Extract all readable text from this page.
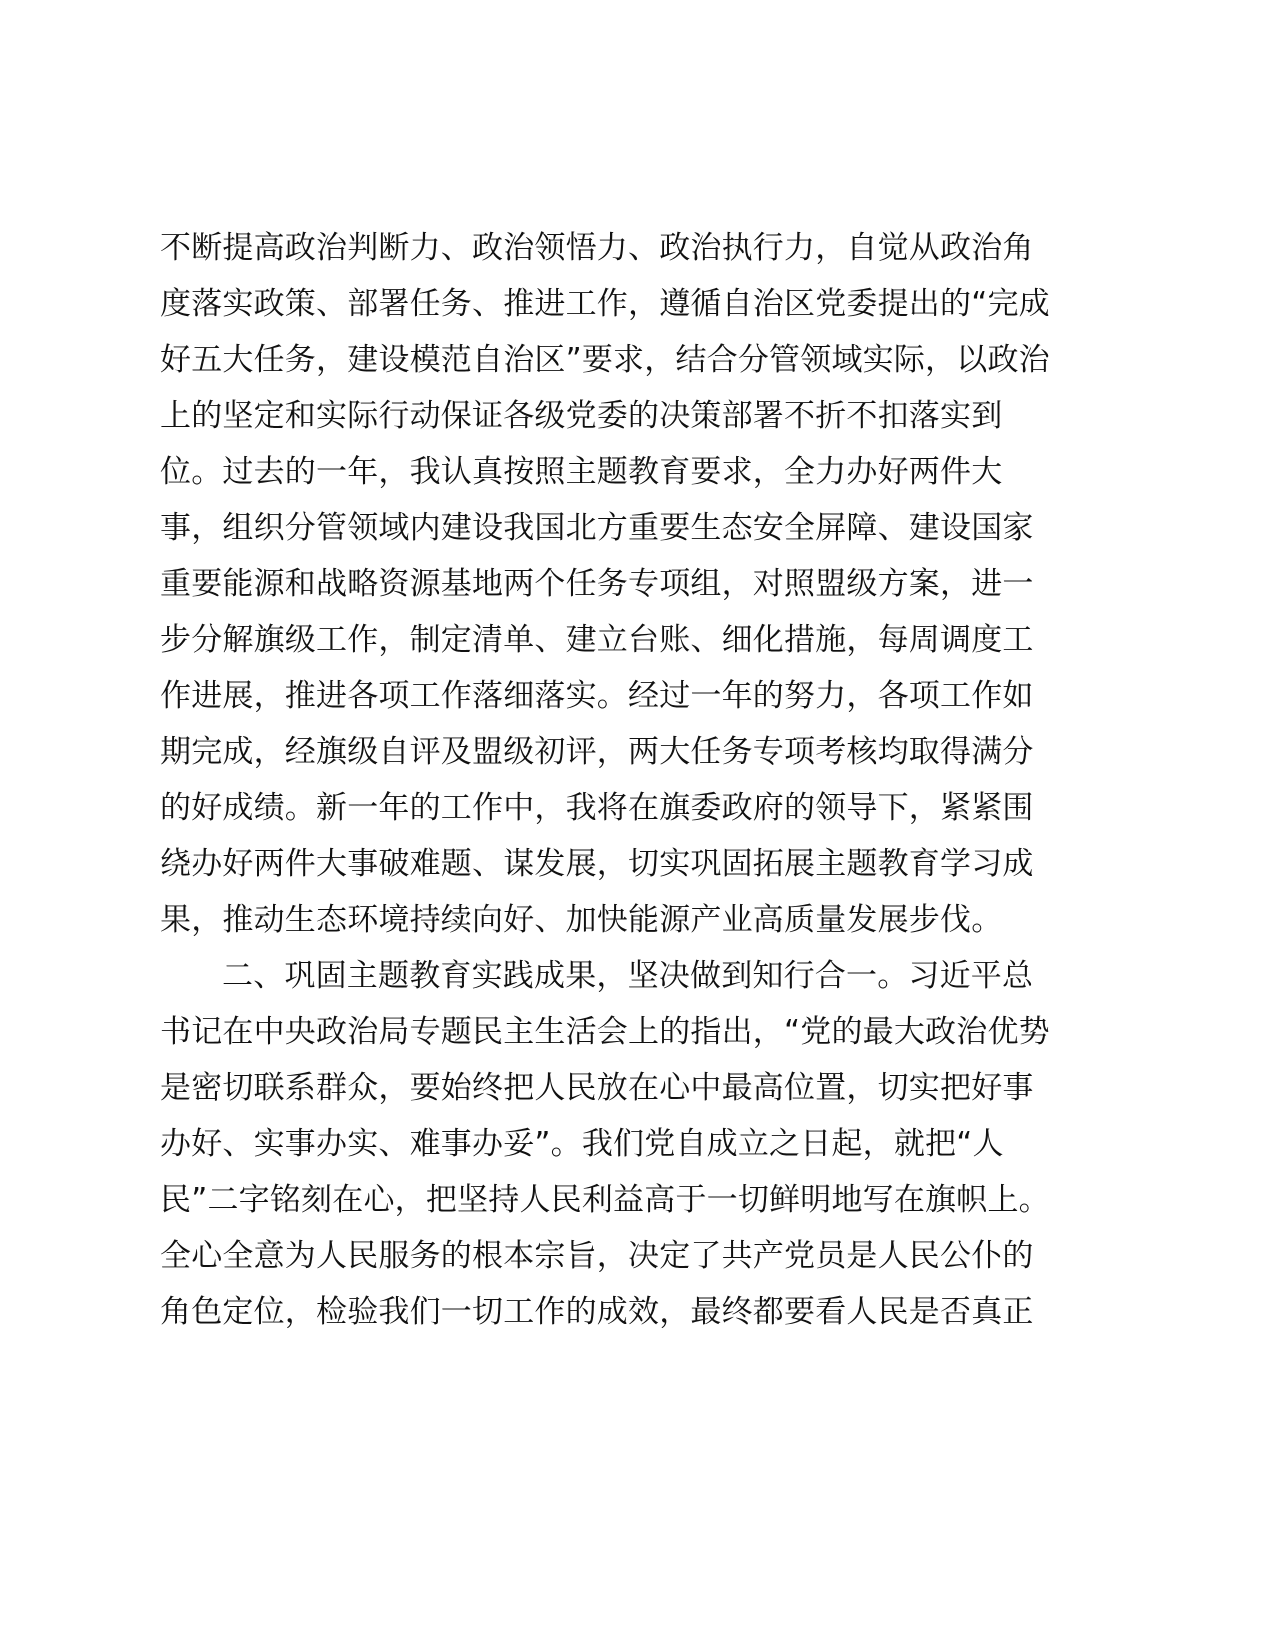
不断提高政治判断力、政治领悟力、政治执行力，自觉从政治角
度落实政策、部署任务、推进工作，遵循自治区党委提出的“完成
好五大任务，建设模范自治区”要求，结合分管领域实际，以政治
上的坚定和实际行动保证各级党委的决策部署不折不扣落实到
位。过去的一年，我认真按照主题教育要求，全力办好两件大
事，组织分管领域内建设我国北方重要生态安全屏障、建设国家
重要能源和战略资源基地两个任务专项组，对照盟级方案，进一
步分解旗级工作，制定清单、建立台账、细化措施，每周调度工
作进展，推进各项工作落细落实。经过一年的努力，各项工作如
期完成，经旗级自评及盟级初评，两大任务专项考核均取得满分
的好成绩。新一年的工作中，我将在旗委政府的领导下，紧紧围
绕办好两件大事破难题、谋发展，切实巩固拓展主题教育学习成
果，推动生态环境持续向好、加快能源产业高质量发展步伐。
二、巩固主题教育实践成果，坚决做到知行合一。习近平总
书记在中央政治局专题民主生活会上的指出，“党的最大政治优势
是密切联系群众，要始终把人民放在心中最高位置，切实把好事
办好、实事办实、难事办妥”。我们党自成立之日起，就把“人
民”二字铭刻在心，把坚持人民利益高于一切鲜明地写在旗帜上。
全心全意为人民服务的根本宗旨，决定了共产党员是人民公仆的
角色定位，检验我们一切工作的成效，最终都要看人民是否真正
